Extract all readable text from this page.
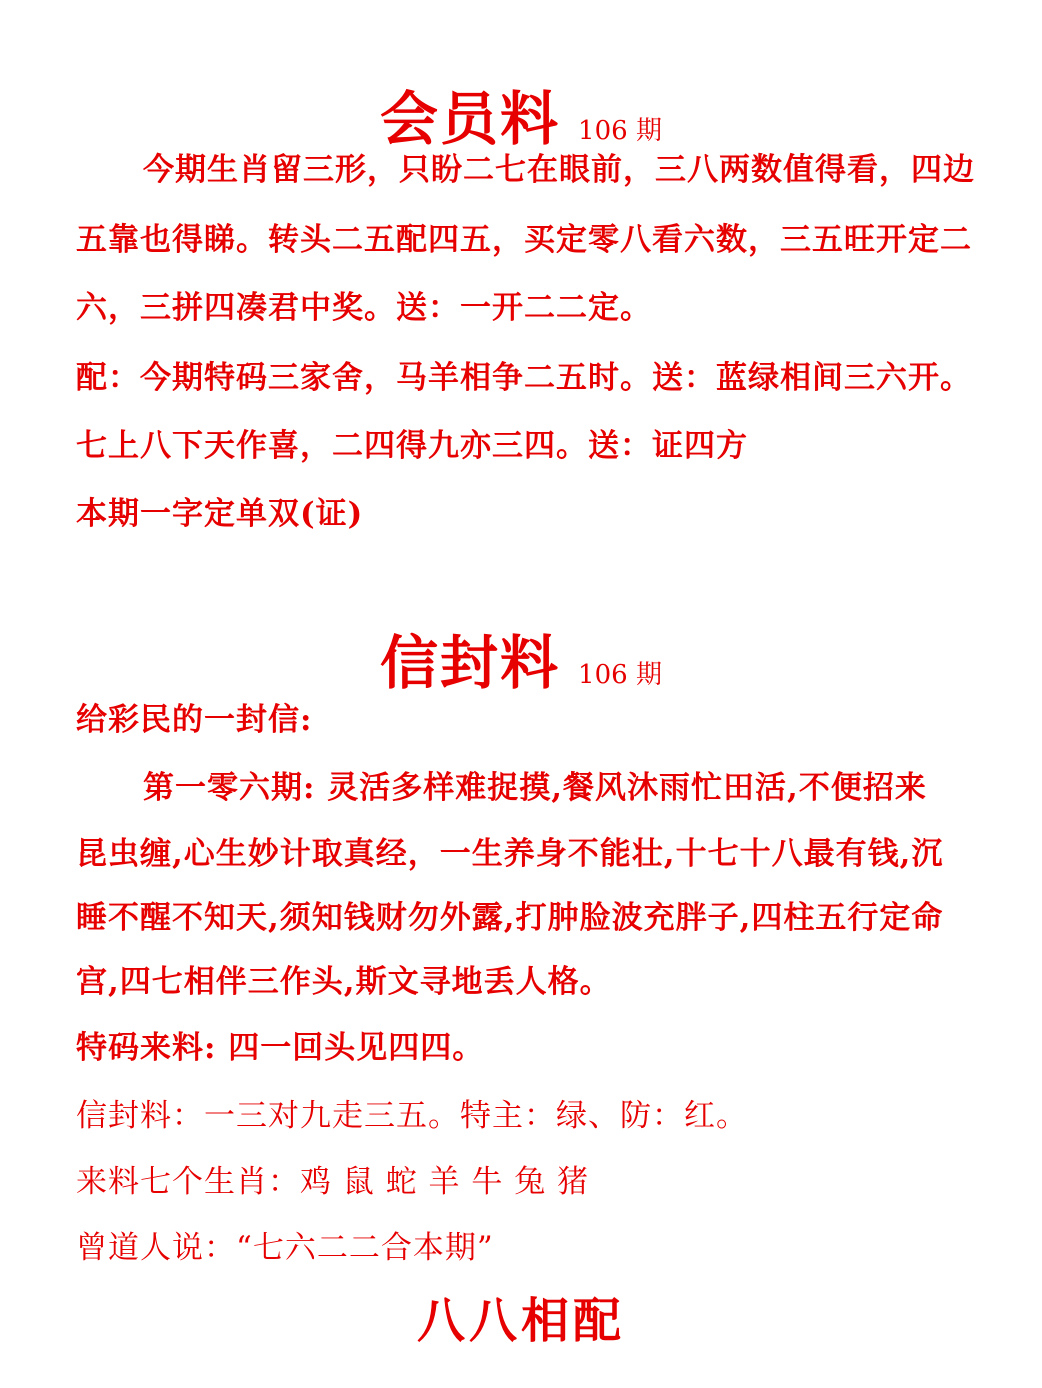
会员料 106 期
今期生肖留三形，只盼二七在眼前，三八两数值得看，四边
五靠也得睇。转头二五配四五，买定零八看六数，三五旺开定二
六，三拼四凑君中奖。送：一开二二定。
配：今期特码三家舍，马羊相争二五时。送：蓝绿相间三六开。
七上八下天作喜，二四得九亦三四。送：证四方
本期一字定单双(证)
信封料 106 期
给彩民的一封信:
第一零六期: 灵活多样难捉摸,餐风沐雨忙田活,不便招来
昆虫缠,心生妙计取真经，一生养身不能壮,十七十八最有钱,沉
睡不醒不知天,须知钱财勿外露,打肿脸波充胖子,四柱五行定命
宫,四七相伴三作头,斯文寻地丢人格。
特码来料: 四一回头见四四。
信封料：一三对九走三五。特主：绿、防：红。
来料七个生肖：鸡 鼠 蛇 羊 牛 兔 猪
曾道人说：“七六二二合本期”
八八相配
